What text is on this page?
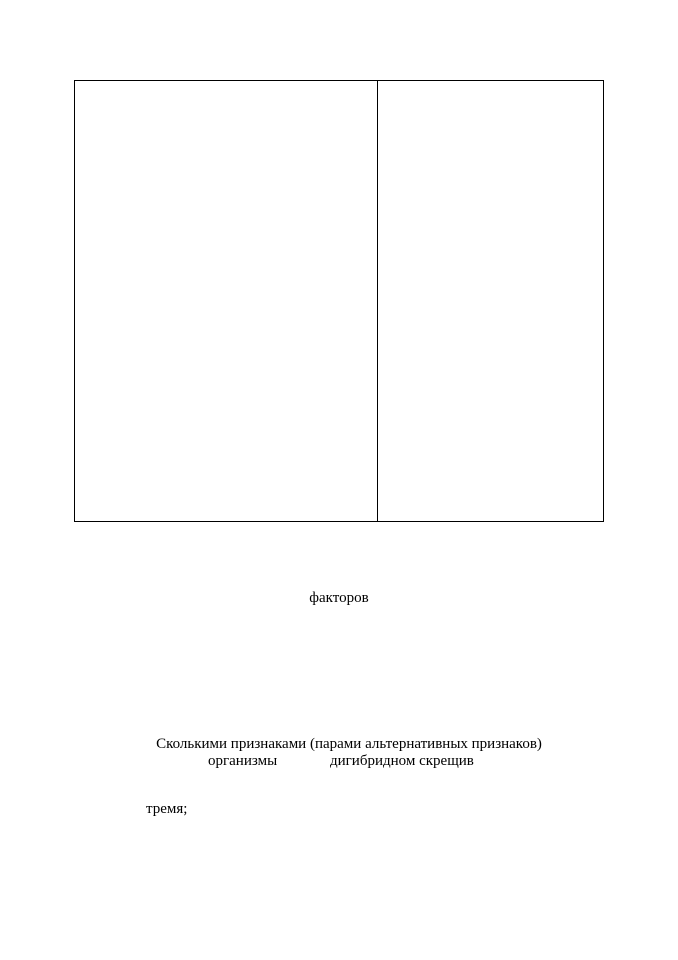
факторов
Сколькими признаками (парами альтернативных признаков)
организмы	дигибридном скрещив
тремя;
